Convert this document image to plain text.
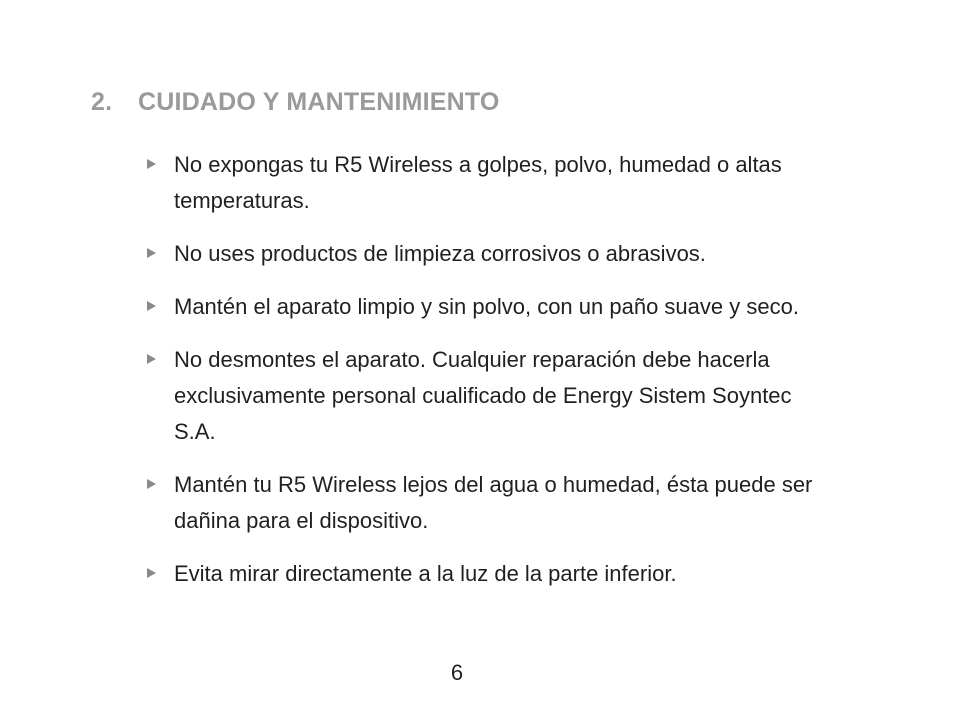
2. CUIDADO Y MANTENIMIENTO
No expongas tu R5 Wireless a golpes, polvo, humedad o altas temperaturas.
No uses productos de limpieza corrosivos o abrasivos.
Mantén el aparato limpio y sin polvo, con un paño suave y seco.
No desmontes el aparato. Cualquier reparación debe hacerla exclusivamente personal cualificado de Energy Sistem Soyntec S.A.
Mantén tu R5 Wireless lejos del agua o humedad, ésta puede ser dañina para el dispositivo.
Evita mirar directamente a la luz de la parte inferior.
6
